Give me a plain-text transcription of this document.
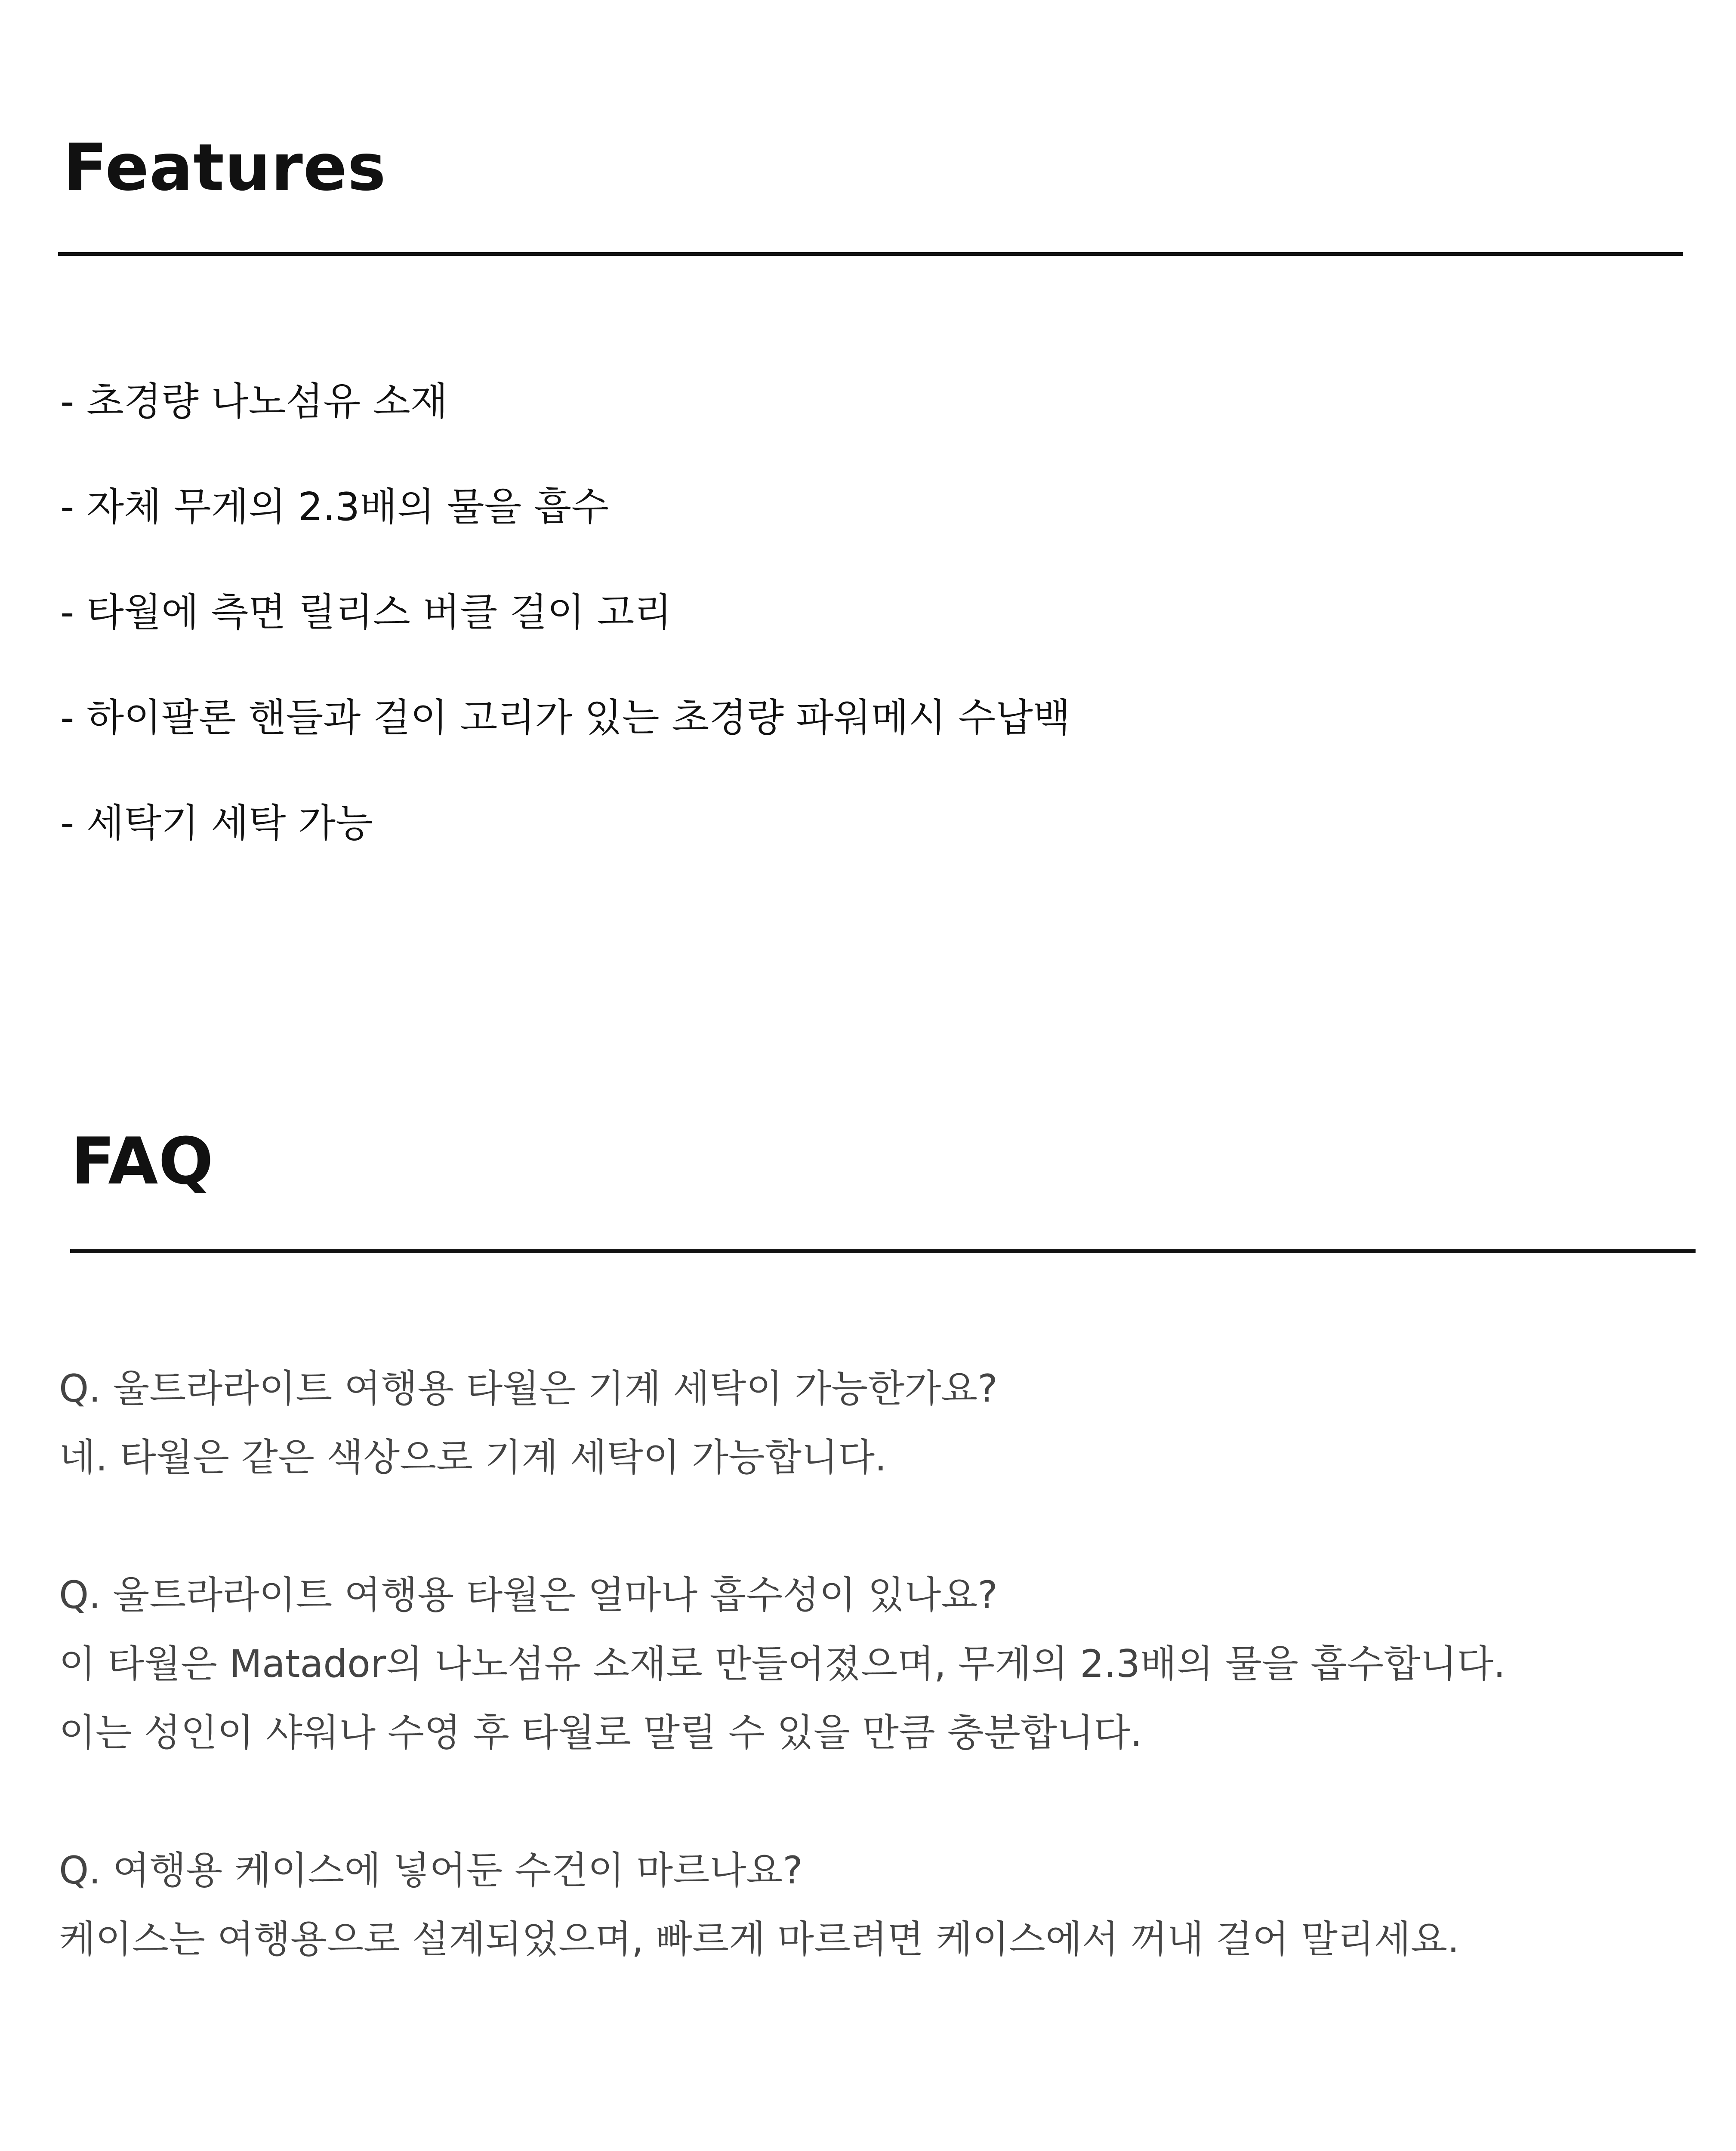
Features
- 초경량 나노섬유 소재
- 자체 무게의 2.3배의 물을 흡수
- 타월에 측면 릴리스 버클 걸이 고리
- 하이팔론 핸들과 걸이 고리가 있는 초경량 파워메시 수납백
- 세탁기 세탁 가능
FAQ
Q. 울트라라이트 여행용 타월은 기계 세탁이 가능한가요?
네. 타월은 같은 색상으로 기계 세탁이 가능합니다.
Q. 울트라라이트 여행용 타월은 얼마나 흡수성이 있나요?
이 타월은 Matador의 나노섬유 소재로 만들어졌으며, 무게의 2.3배의 물을 흡수합니다.
이는 성인이 샤워나 수영 후 타월로 말릴 수 있을 만큼 충분합니다.
Q. 여행용 케이스에 넣어둔 수건이 마르나요?
케이스는 여행용으로 설계되었으며, 빠르게 마르려면 케이스에서 꺼내 걸어 말리세요.
